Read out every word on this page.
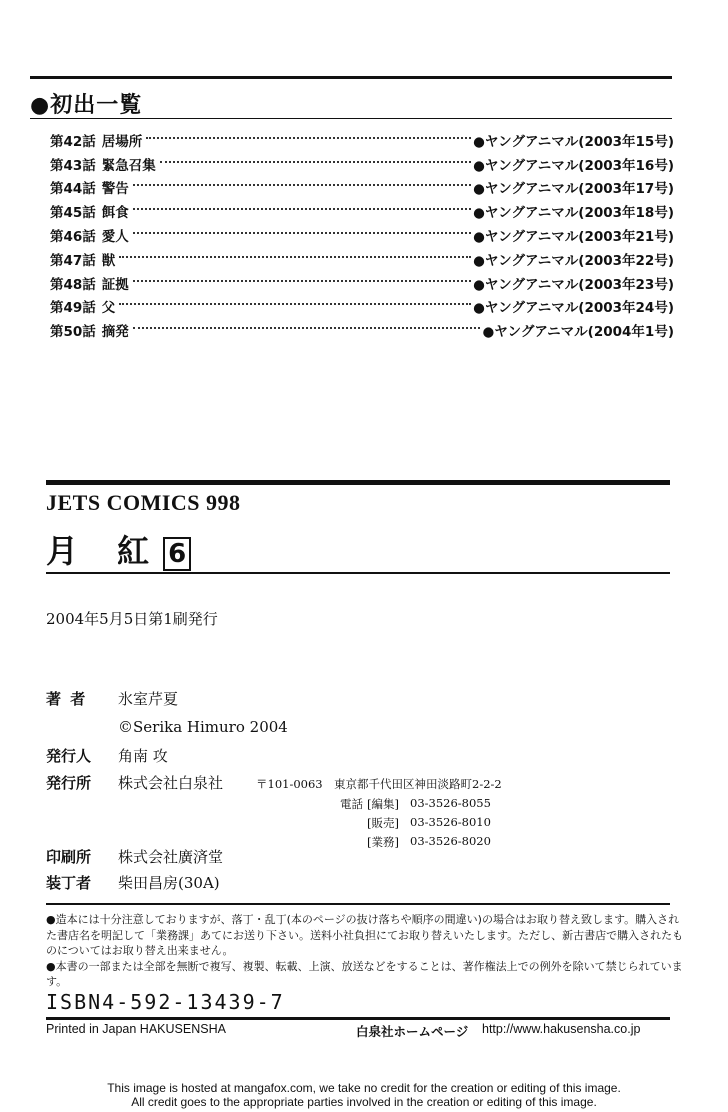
●初出一覧
第42話 居場所	●ヤングアニマル(2003年15号)
第43話 緊急召集	●ヤングアニマル(2003年16号)
第44話 警告	●ヤングアニマル(2003年17号)
第45話 餌食	●ヤングアニマル(2003年18号)
第46話 愛人	●ヤングアニマル(2003年21号)
第47話 獣	●ヤングアニマル(2003年22号)
第48話 証拠	●ヤングアニマル(2003年23号)
第49話 父	●ヤングアニマル(2003年24号)
第50話 摘発	●ヤングアニマル(2004年1号)
JETS COMICS 998
月 紅 6
2004年5月5日第1刷発行
著 者 氷室芹夏
©Serika Himuro 2004
発行人 角南 攻
発行所 株式会社白泉社	〒101-0063 東京都千代田区神田淡路町2-2-2
電話 [編集] 03-3526-8055
[販売] 03-3526-8010
[業務] 03-3526-8020
印刷所 株式会社廣済堂
装丁者 柴田昌房(30A)

●造本には十分注意しておりますが、落丁・乱丁(本のページの抜け落ちや順序の間違い)の場合はお取り替え致します。購入された書店名を明記して「業務課」あてにお送り下さい。送料小社負担にてお取り替えいたします。ただし、新古書店で購入されたものについてはお取り替え出来ません。

●本書の一部または全部を無断で複写、複製、転載、上演、放送などをすることは、著作権法上での例外を除いて禁じられています。

ISBN4-592-13439-7
Printed in Japan HAKUSENSHA	白泉社ホームページ http://www.hakusensha.co.jp
This image is hosted at mangafox.com, we take no credit for the creation or editing of this image.
All credit goes to the appropriate parties involved in the creation or editing of this image.
